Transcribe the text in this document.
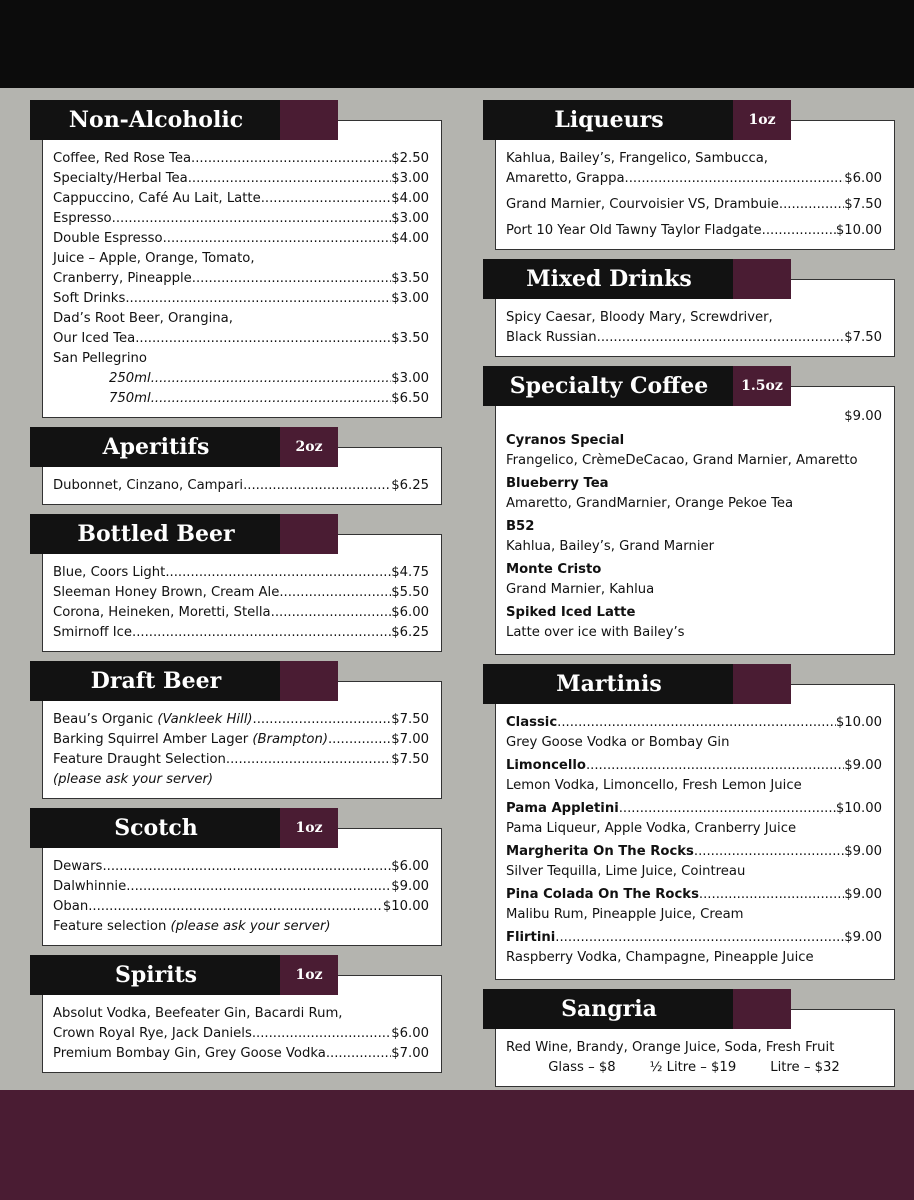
Non-Alcoholic
Coffee, Red Rose Tea .....	$2.50
Specialty/Herbal Tea .....	$3.00
Cappuccino, Café Au Lait, Latte .....	$4.00
Espresso .....	$3.00
Double Espresso .....	$4.00
Juice – Apple, Orange, Tomato,
Cranberry, Pineapple .....	$3.50
Soft Drinks .....	$3.00
Dad’s Root Beer, Orangina,
Our Iced Tea .....	$3.50
San Pellegrino
250ml .....	$3.00
750ml .....	$6.50
Aperitifs	2oz
Dubonnet, Cinzano, Campari .....	$6.25
Bottled Beer
Blue, Coors Light .....	$4.75
Sleeman Honey Brown, Cream Ale .....	$5.50
Corona, Heineken, Moretti, Stella .....	$6.00
Smirnoff Ice .....	$6.25
Draft Beer
Beau’s Organic (Vankleek Hill) .....	$7.50
Barking Squirrel Amber Lager (Brampton) .....	$7.00
Feature Draught Selection .....	$7.50
(please ask your server)
Scotch	1oz
Dewars .....	$6.00
Dalwhinnie .....	$9.00
Oban .....	$10.00
Feature selection (please ask your server)
Spirits	1oz
Absolut Vodka, Beefeater Gin, Bacardi Rum,
Crown Royal Rye, Jack Daniels .....	$6.00
Premium Bombay Gin, Grey Goose Vodka .....	$7.00
Liqueurs	1oz
Kahlua, Bailey’s, Frangelico, Sambucca,
Amaretto, Grappa .....	$6.00
Grand Marnier, Courvoisier VS, Drambuie .....	$7.50
Port 10 Year Old Tawny Taylor Fladgate .....	$10.00
Mixed Drinks
Spicy Caesar, Bloody Mary, Screwdriver,
Black Russian .....	$7.50
Specialty Coffee	1.5oz
$9.00
Cyranos Special
Frangelico, CrèmeDeCacao, Grand Marnier, Amaretto
Blueberry Tea
Amaretto, GrandMarnier, Orange Pekoe Tea
B52
Kahlua, Bailey’s, Grand Marnier
Monte Cristo
Grand Marnier, Kahlua
Spiked Iced Latte
Latte over ice with Bailey’s
Martinis
Classic .....	$10.00
Grey Goose Vodka or Bombay Gin
Limoncello .....	$9.00
Lemon Vodka, Limoncello, Fresh Lemon Juice
Pama Appletini .....	$10.00
Pama Liqueur, Apple Vodka, Cranberry Juice
Margherita On The Rocks .....	$9.00
Silver Tequilla, Lime Juice, Cointreau
Pina Colada On The Rocks .....	$9.00
Malibu Rum, Pineapple Juice, Cream
Flirtini .....	$9.00
Raspberry Vodka, Champagne, Pineapple Juice
Sangria
Red Wine, Brandy, Orange Juice, Soda, Fresh Fruit
Glass – $8	½ Litre – $19	Litre – $32
